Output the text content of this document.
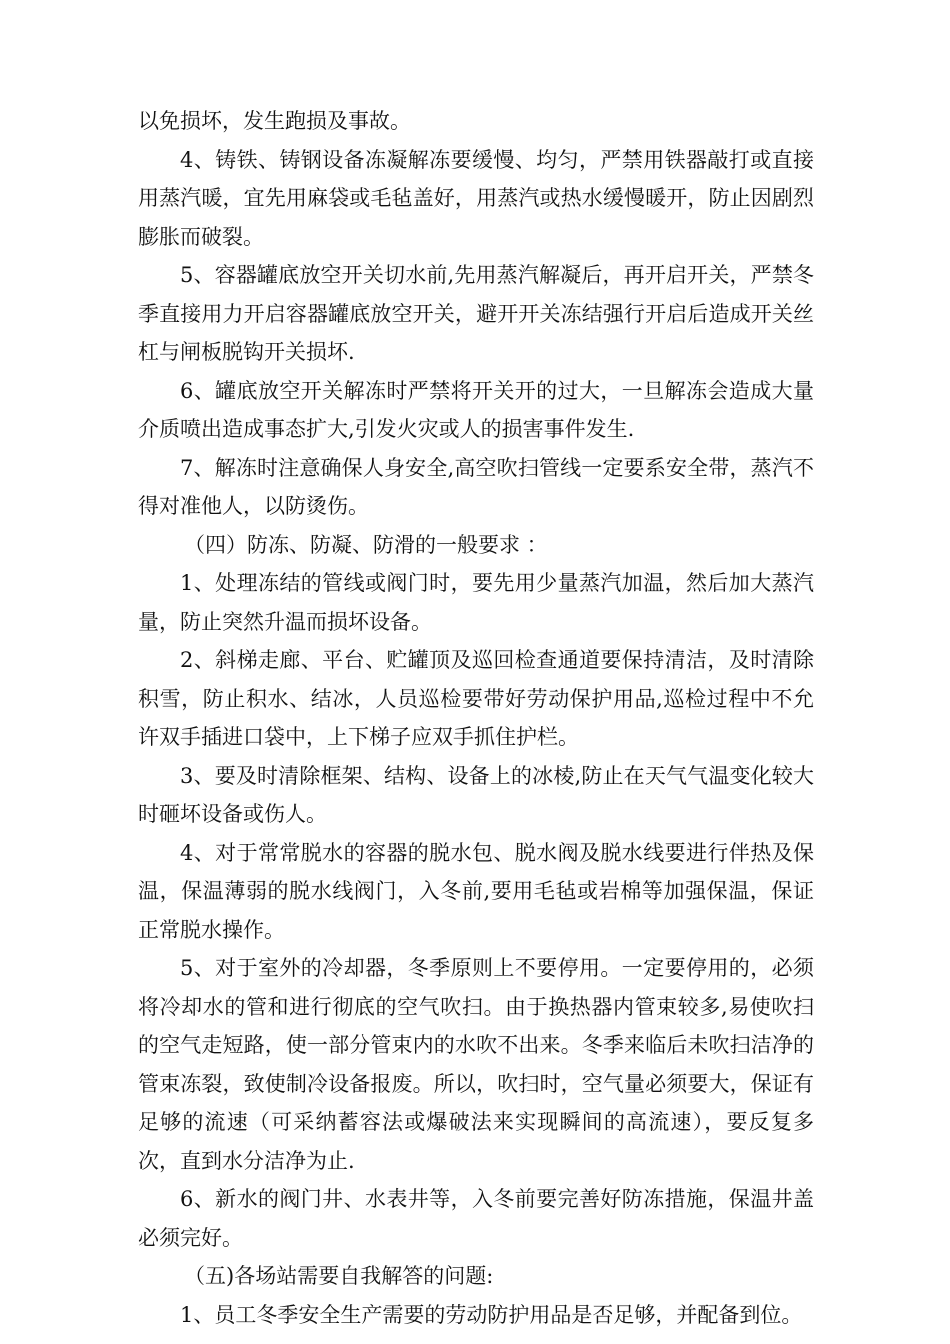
以免损坏，发生跑损及事故。

4、铸铁、铸钢设备冻凝解冻要缓慢、均匀，严禁用铁器敲打或直接用蒸汽暖，宜先用麻袋或毛毡盖好，用蒸汽或热水缓慢暖开，防止因剧烈膨胀而破裂。

5、容器罐底放空开关切水前,先用蒸汽解凝后，再开启开关，严禁冬季直接用力开启容器罐底放空开关，避开开关冻结强行开启后造成开关丝杠与闸板脱钩开关损坏.

6、罐底放空开关解冻时严禁将开关开的过大，一旦解冻会造成大量介质喷出造成事态扩大,引发火灾或人的损害事件发生.

7、解冻时注意确保人身安全,高空吹扫管线一定要系安全带，蒸汽不得对准他人，以防烫伤。

（四）防冻、防凝、防滑的一般要求 ：

1、处理冻结的管线或阀门时，要先用少量蒸汽加温，然后加大蒸汽量，防止突然升温而损坏设备。

2、斜梯走廊、平台、贮罐顶及巡回检查通道要保持清洁，及时清除积雪，防止积水、结冰，人员巡检要带好劳动保护用品,巡检过程中不允许双手插进口袋中，上下梯子应双手抓住护栏。

3、要及时清除框架、结构、设备上的冰棱,防止在天气气温变化较大时砸坏设备或伤人。

4、对于常常脱水的容器的脱水包、脱水阀及脱水线要进行伴热及保温，保温薄弱的脱水线阀门，入冬前,要用毛毡或岩棉等加强保温，保证正常脱水操作。

5、对于室外的冷却器，冬季原则上不要停用。一定要停用的，必须将冷却水的管和进行彻底的空气吹扫。由于换热器内管束较多,易使吹扫的空气走短路，使一部分管束内的水吹不出来。冬季来临后未吹扫洁净的管束冻裂，致使制冷设备报废。所以，吹扫时，空气量必须要大，保证有足够的流速（可采纳蓄容法或爆破法来实现瞬间的高流速），要反复多次，直到水分洁净为止.

6、新水的阀门井、水表井等，入冬前要完善好防冻措施，保温井盖必须完好。

（五)各场站需要自我解答的问题:

1、员工冬季安全生产需要的劳动防护用品是否足够，并配备到位。
